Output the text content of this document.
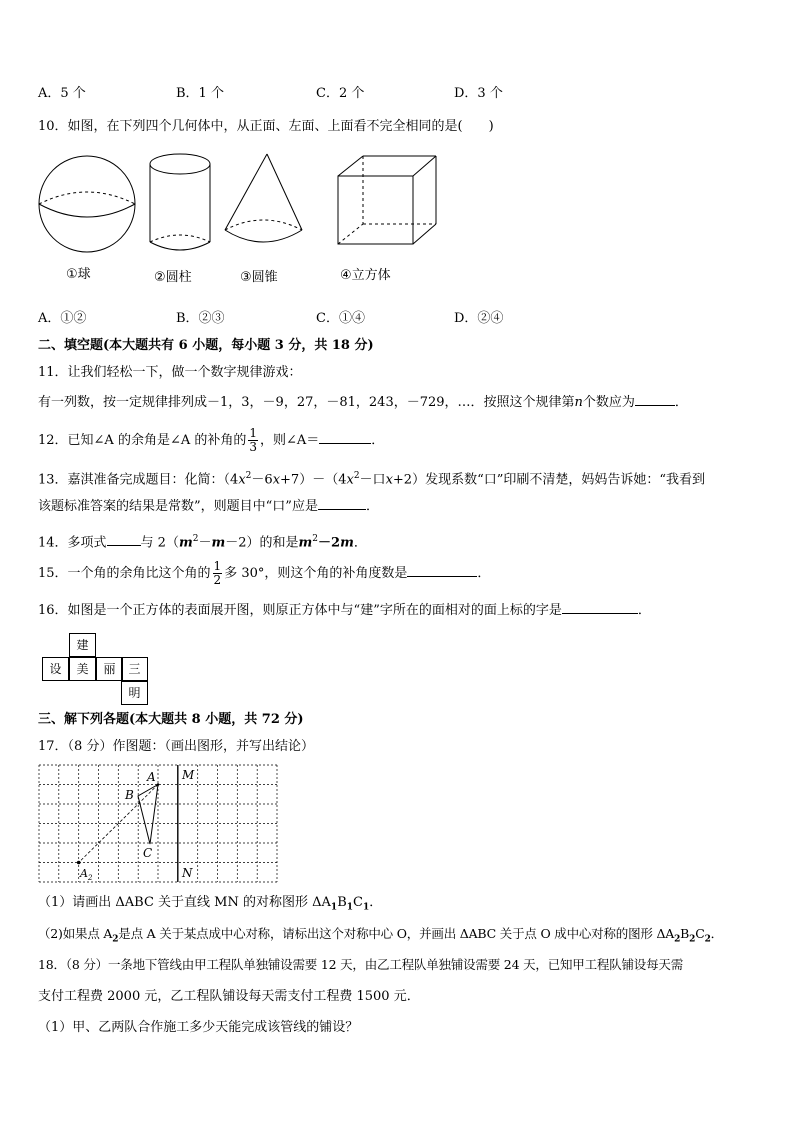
A．5 个	B．1 个	C．2 个	D．3 个
10．如图，在下列四个几何体中，从正面、左面、上面看不完全相同的是(　　)
①球	②圆柱	③圆锥	④立方体
A．①②	B．②③	C．①④	D．②④
二、填空题(本大题共有 6 小题，每小题 3 分，共 18 分)
11．让我们轻松一下，做一个数字规律游戏：
有一列数，按一定规律排列成－1，3，－9，27，－81，243，－729，…．按照这个规律第n个数应为	．
12．已知∠A 的余角是∠A 的补角的 $\frac{1}{3}$ ，则∠A＝	．
13．嘉淇准备完成题目：化简：$(4x^2-6x+7)-(4x^2-$口x+2）发现系数“口”印刷不清楚，妈妈告诉她：“我看到
该题标准答案的结果是常数”，则题目中“口”应是	．
14．多项式	与 $2(m^2-m-2)$的和是$m^2-2m$．
15．一个角的余角比这个角的 $\frac{1}{2}$ 多 30°，则这个角的补角度数是	．
16．如图是一个正方体的表面展开图，则原正方体中与“建”字所在的面相对的面上标的字是	．
建
设	美	丽	三
明
三、解下列各题(本大题共 8 小题，共 72 分)
17．（8 分）作图题：（画出图形，并写出结论）
A
B
C
M
N
$A_2$
（1）请画出 ΔABC 关于直线 MN 的对称图形 $\Delta A_1B_1C_1$．
（2)如果点 $A_2$是点 A 关于某点成中心对称，请标出这个对称中心 O，并画出 ΔABC 关于点 O 成中心对称的图形 $\Delta A_2B_2C_2$．
18．（8 分）一条地下管线由甲工程队单独铺设需要 12 天，由乙工程队单独铺设需要 24 天，已知甲工程队铺设每天需
支付工程费 2000 元，乙工程队铺设每天需支付工程费 1500 元．
（1）甲、乙两队合作施工多少天能完成该管线的铺设？
